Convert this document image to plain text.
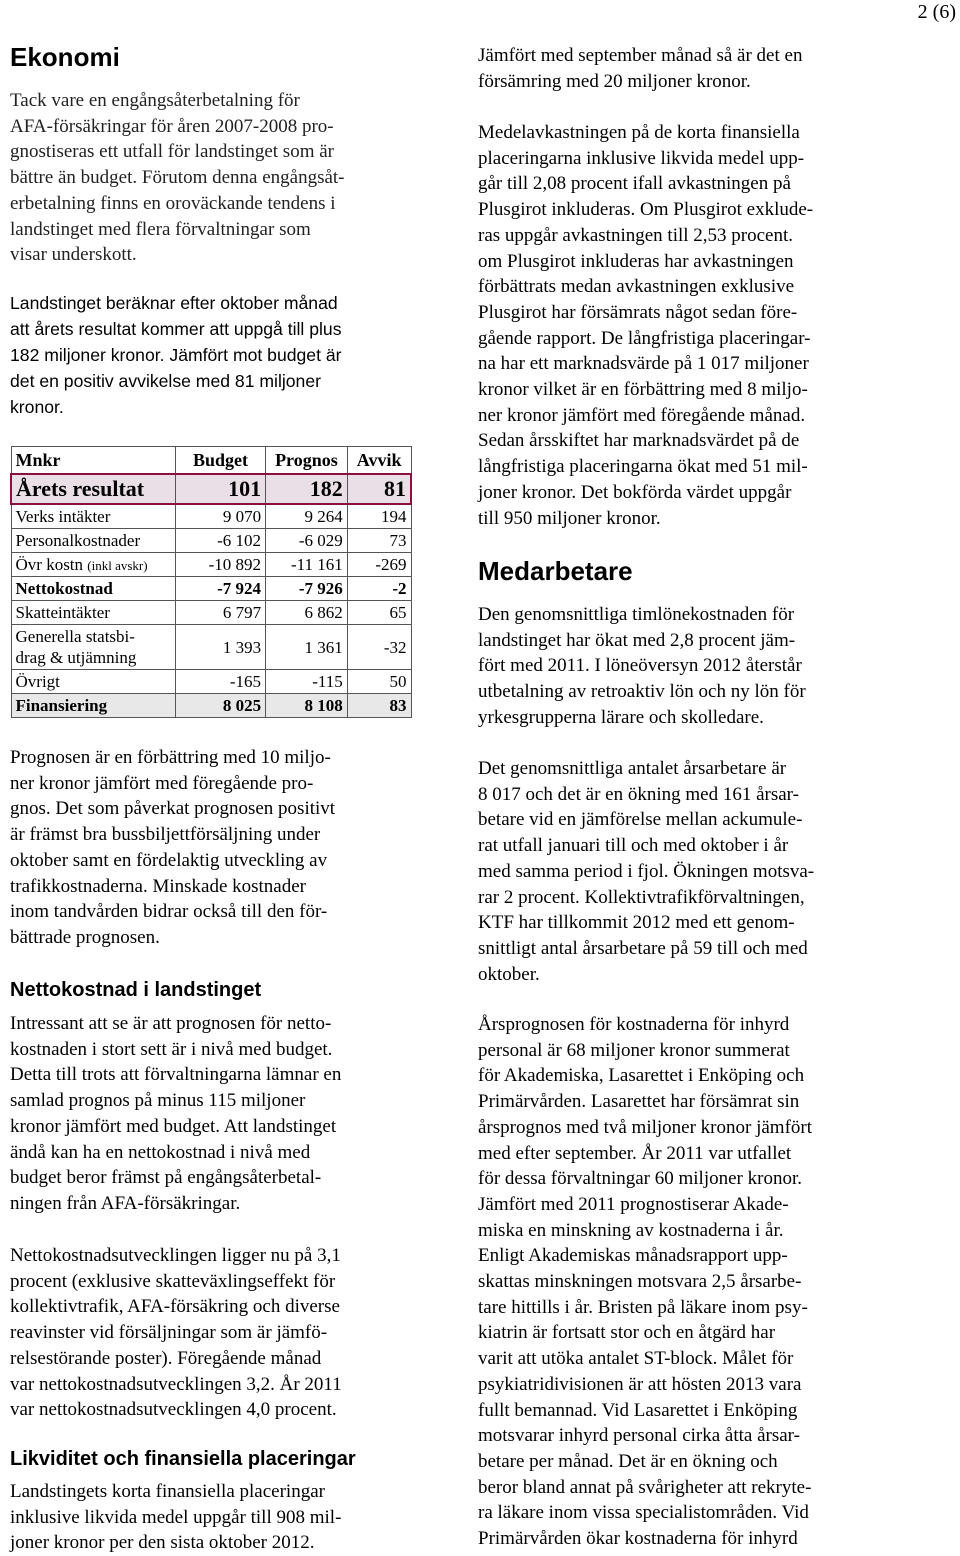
2 (6)
Ekonomi
Tack vare en engångsåterbetalning för
AFA-försäkringar för åren 2007-2008 pro-
gnostiseras ett utfall för landstinget som är
bättre än budget. Förutom denna engångsåt-
erbetalning finns en oroväckande tendens i
landstinget med flera förvaltningar som
visar underskott.
Landstinget beräknar efter oktober månad
att årets resultat kommer att uppgå till plus
182 miljoner kronor. Jämfört mot budget är
det en positiv avvikelse med 81 miljoner
kronor.
Mnkr	Budget	Prognos	Avvik
Årets resultat	101	182	81
Verks intäkter	9 070	9 264	194
Personalkostnader	-6 102	-6 029	73
Övr kostn (inkl avskr)	-10 892	-11 161	-269
Nettokostnad	-7 924	-7 926	-2
Skatteintäkter	6 797	6 862	65

Generella statsbi-
drag & utjämning	1 393	1 361	-32
Övrigt	-165	-115	50
Finansiering	8 025	8 108	83
Prognosen är en förbättring med 10 miljo-
ner kronor jämfört med föregående pro-
gnos. Det som påverkat prognosen positivt
är främst bra bussbiljettförsäljning under
oktober samt en fördelaktig utveckling av
trafikkostnaderna. Minskade kostnader
inom tandvården bidrar också till den för-
bättrade prognosen.
Nettokostnad i landstinget
Intressant att se är att prognosen för netto-
kostnaden i stort sett är i nivå med budget.
Detta till trots att förvaltningarna lämnar en
samlad prognos på minus 115 miljoner
kronor jämfört med budget. Att landstinget
ändå kan ha en nettokostnad i nivå med
budget beror främst på engångsåterbetal-
ningen från AFA-försäkringar.
Nettokostnadsutvecklingen ligger nu på 3,1
procent (exklusive skatteväxlingseffekt för
kollektivtrafik, AFA-försäkring och diverse
reavinster vid försäljningar som är jämfö-
relsestörande poster). Föregående månad
var nettokostnadsutvecklingen 3,2. År 2011
var nettokostnadsutvecklingen 4,0 procent.
Likviditet och finansiella placeringar
Landstingets korta finansiella placeringar
inklusive likvida medel uppgår till 908 mil-
joner kronor per den sista oktober 2012.
Jämfört med september månad så är det en
försämring med 20 miljoner kronor.
Medelavkastningen på de korta finansiella
placeringarna inklusive likvida medel upp-
går till 2,08 procent ifall avkastningen på
Plusgirot inkluderas. Om Plusgirot exklude-
ras uppgår avkastningen till 2,53 procent.
om Plusgirot inkluderas har avkastningen
förbättrats medan avkastningen exklusive
Plusgirot har försämrats något sedan före-
gående rapport. De långfristiga placeringar-
na har ett marknadsvärde på 1 017 miljoner
kronor vilket är en förbättring med 8 miljo-
ner kronor jämfört med föregående månad.
Sedan årsskiftet har marknadsvärdet på de
långfristiga placeringarna ökat med 51 mil-
joner kronor. Det bokförda värdet uppgår
till 950 miljoner kronor.
Medarbetare
Den genomsnittliga timlönekostnaden för
landstinget har ökat med 2,8 procent jäm-
fört med 2011. I löneöversyn 2012 återstår
utbetalning av retroaktiv lön och ny lön för
yrkesgrupperna lärare och skolledare.
Det genomsnittliga antalet årsarbetare är
8 017 och det är en ökning med 161 årsar-
betare vid en jämförelse mellan ackumule-
rat utfall januari till och med oktober i år
med samma period i fjol. Ökningen motsva-
rar 2 procent. Kollektivtrafikförvaltningen,
KTF har tillkommit 2012 med ett genom-
snittligt antal årsarbetare på 59 till och med
oktober.
Årsprognosen för kostnaderna för inhyrd
personal är 68 miljoner kronor summerat
för Akademiska, Lasarettet i Enköping och
Primärvården. Lasarettet har försämrat sin
årsprognos med två miljoner kronor jämfört
med efter september. År 2011 var utfallet
för dessa förvaltningar 60 miljoner kronor.
Jämfört med 2011 prognostiserar Akade-
miska en minskning av kostnaderna i år.
Enligt Akademiskas månadsrapport upp-
skattas minskningen motsvara 2,5 årsarbe-
tare hittills i år. Bristen på läkare inom psy-
kiatrin är fortsatt stor och en åtgärd har
varit att utöka antalet ST-block. Målet för
psykiatridivisionen är att hösten 2013 vara
fullt bemannad. Vid Lasarettet i Enköping
motsvarar inhyrd personal cirka åtta årsar-
betare per månad. Det är en ökning och
beror bland annat på svårigheter att rekryte-
ra läkare inom vissa specialistområden. Vid
Primärvården ökar kostnaderna för inhyrd
